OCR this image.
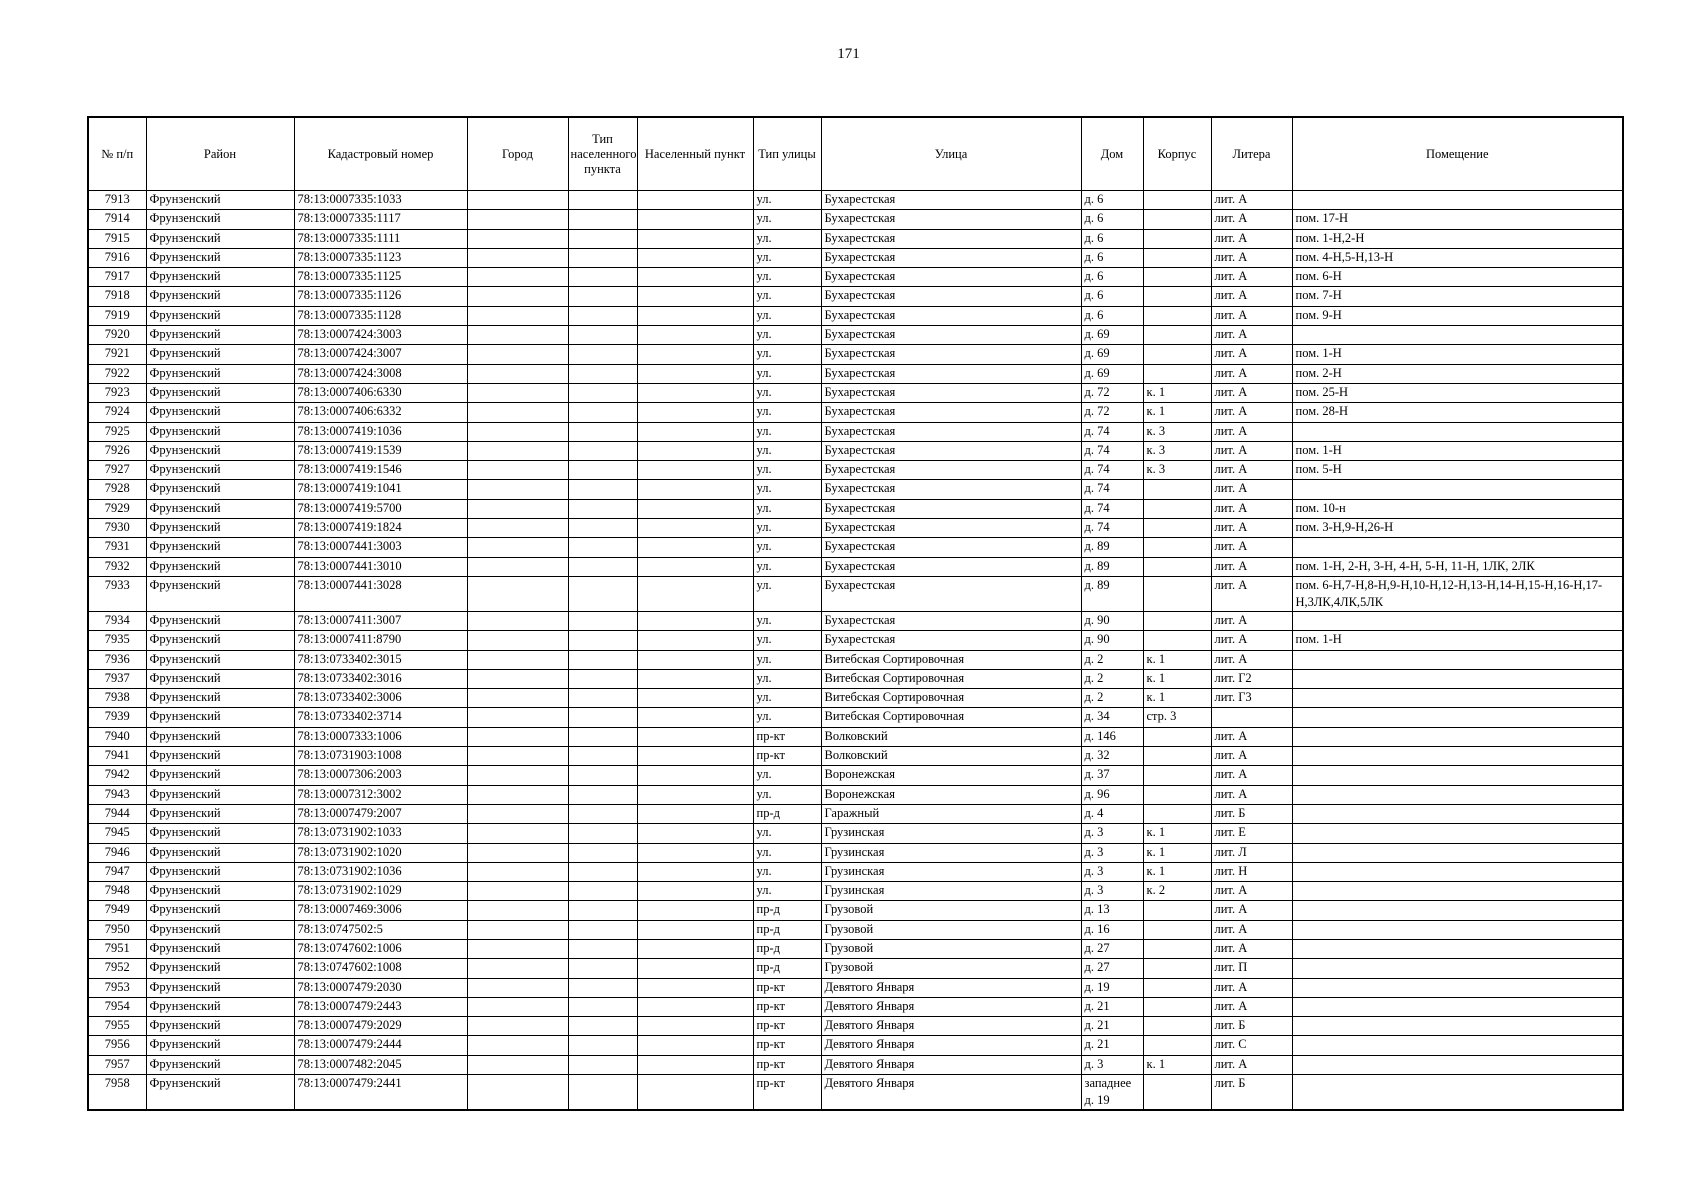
171
№ п/п	Район	Кадастровый номер	Город	Тип населенного пункта	Населенный пункт	Тип улицы	Улица	Дом	Корпус	Литера	Помещение
7913	Фрунзенский	78:13:0007335:1033				ул.	Бухарестская	д. 6		лит. А	
7914	Фрунзенский	78:13:0007335:1117				ул.	Бухарестская	д. 6		лит. А	пом. 17-Н
7915	Фрунзенский	78:13:0007335:1111				ул.	Бухарестская	д. 6		лит. А	пом. 1-Н,2-Н
7916	Фрунзенский	78:13:0007335:1123				ул.	Бухарестская	д. 6		лит. А	пом. 4-Н,5-Н,13-Н
7917	Фрунзенский	78:13:0007335:1125				ул.	Бухарестская	д. 6		лит. А	пом. 6-Н
7918	Фрунзенский	78:13:0007335:1126				ул.	Бухарестская	д. 6		лит. А	пом. 7-Н
7919	Фрунзенский	78:13:0007335:1128				ул.	Бухарестская	д. 6		лит. А	пом. 9-Н
7920	Фрунзенский	78:13:0007424:3003				ул.	Бухарестская	д. 69		лит. А	
7921	Фрунзенский	78:13:0007424:3007				ул.	Бухарестская	д. 69		лит. А	пом. 1-Н
7922	Фрунзенский	78:13:0007424:3008				ул.	Бухарестская	д. 69		лит. А	пом. 2-Н
7923	Фрунзенский	78:13:0007406:6330				ул.	Бухарестская	д. 72	к. 1	лит. А	пом. 25-Н
7924	Фрунзенский	78:13:0007406:6332				ул.	Бухарестская	д. 72	к. 1	лит. А	пом. 28-Н
7925	Фрунзенский	78:13:0007419:1036				ул.	Бухарестская	д. 74	к. 3	лит. А	
7926	Фрунзенский	78:13:0007419:1539				ул.	Бухарестская	д. 74	к. 3	лит. А	пом. 1-Н
7927	Фрунзенский	78:13:0007419:1546				ул.	Бухарестская	д. 74	к. 3	лит. А	пом. 5-Н
7928	Фрунзенский	78:13:0007419:1041				ул.	Бухарестская	д. 74		лит. А	
7929	Фрунзенский	78:13:0007419:5700				ул.	Бухарестская	д. 74		лит. А	пом. 10-н
7930	Фрунзенский	78:13:0007419:1824				ул.	Бухарестская	д. 74		лит. А	пом. 3-Н,9-Н,26-Н
7931	Фрунзенский	78:13:0007441:3003				ул.	Бухарестская	д. 89		лит. А	
7932	Фрунзенский	78:13:0007441:3010				ул.	Бухарестская	д. 89		лит. А	пом. 1-Н, 2-Н, 3-Н, 4-Н, 5-Н, 11-Н, 1ЛК, 2ЛК
7933	Фрунзенский	78:13:0007441:3028				ул.	Бухарестская	д. 89		лит. А	пом. 6-Н,7-Н,8-Н,9-Н,10-Н,12-Н,13-Н,14-Н,15-Н,16-Н,17-Н,3ЛК,4ЛК,5ЛК
7934	Фрунзенский	78:13:0007411:3007				ул.	Бухарестская	д. 90		лит. А	
7935	Фрунзенский	78:13:0007411:8790				ул.	Бухарестская	д. 90		лит. А	пом. 1-Н
7936	Фрунзенский	78:13:0733402:3015				ул.	Витебская Сортировочная	д. 2	к. 1	лит. А	
7937	Фрунзенский	78:13:0733402:3016				ул.	Витебская Сортировочная	д. 2	к. 1	лит. Г2	
7938	Фрунзенский	78:13:0733402:3006				ул.	Витебская Сортировочная	д. 2	к. 1	лит. Г3	
7939	Фрунзенский	78:13:0733402:3714				ул.	Витебская Сортировочная	д. 34	стр. 3		
7940	Фрунзенский	78:13:0007333:1006				пр-кт	Волковский	д. 146		лит. А	
7941	Фрунзенский	78:13:0731903:1008				пр-кт	Волковский	д. 32		лит. А	
7942	Фрунзенский	78:13:0007306:2003				ул.	Воронежская	д. 37		лит. А	
7943	Фрунзенский	78:13:0007312:3002				ул.	Воронежская	д. 96		лит. А	
7944	Фрунзенский	78:13:0007479:2007				пр-д	Гаражный	д. 4		лит. Б	
7945	Фрунзенский	78:13:0731902:1033				ул.	Грузинская	д. 3	к. 1	лит. Е	
7946	Фрунзенский	78:13:0731902:1020				ул.	Грузинская	д. 3	к. 1	лит. Л	
7947	Фрунзенский	78:13:0731902:1036				ул.	Грузинская	д. 3	к. 1	лит. Н	
7948	Фрунзенский	78:13:0731902:1029				ул.	Грузинская	д. 3	к. 2	лит. А	
7949	Фрунзенский	78:13:0007469:3006				пр-д	Грузовой	д. 13		лит. А	
7950	Фрунзенский	78:13:0747502:5				пр-д	Грузовой	д. 16		лит. А	
7951	Фрунзенский	78:13:0747602:1006				пр-д	Грузовой	д. 27		лит. А	
7952	Фрунзенский	78:13:0747602:1008				пр-д	Грузовой	д. 27		лит. П	
7953	Фрунзенский	78:13:0007479:2030				пр-кт	Девятого Января	д. 19		лит. А	
7954	Фрунзенский	78:13:0007479:2443				пр-кт	Девятого Января	д. 21		лит. А	
7955	Фрунзенский	78:13:0007479:2029				пр-кт	Девятого Января	д. 21		лит. Б	
7956	Фрунзенский	78:13:0007479:2444				пр-кт	Девятого Января	д. 21		лит. С	
7957	Фрунзенский	78:13:0007482:2045				пр-кт	Девятого Января	д. 3	к. 1	лит. А	
7958	Фрунзенский	78:13:0007479:2441				пр-кт	Девятого Января	западнее д. 19		лит. Б	
